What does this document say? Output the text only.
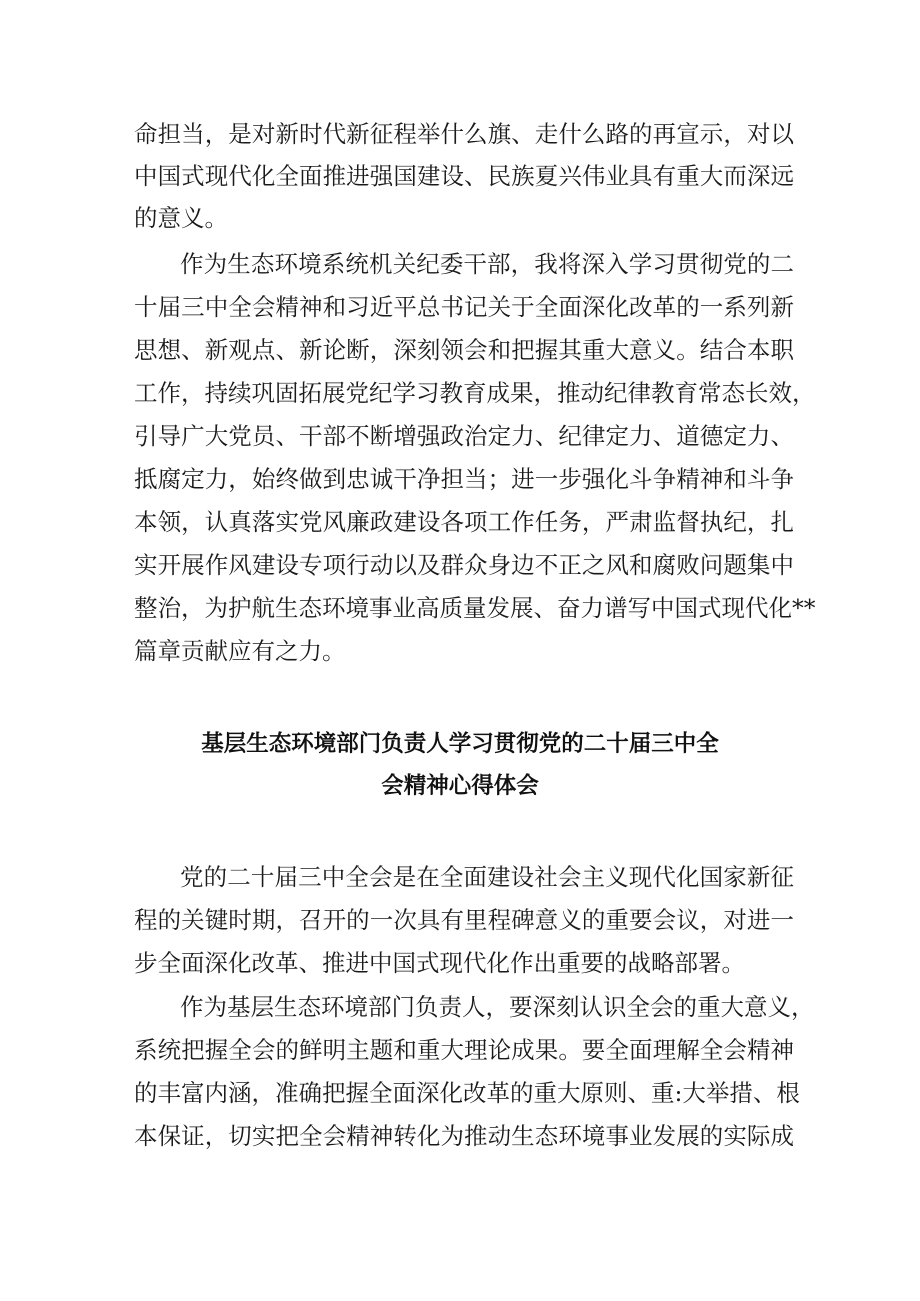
命担当，是对新时代新征程举什么旗、走什么路的再宣示，对以
中国式现代化全面推进强国建设、民族夏兴伟业具有重大而深远
的意义。
作为生态环境系统机关纪委干部，我将深入学习贯彻党的二
十届三中全会精神和习近平总书记关于全面深化改革的一系列新
思想、新观点、新论断，深刻领会和把握其重大意义。结合本职
工作，持续巩固拓展党纪学习教育成果，推动纪律教育常态长效，
引导广大党员、干部不断增强政治定力、纪律定力、道德定力、
抵腐定力，始终做到忠诚干净担当；进一步强化斗争精神和斗争
本领，认真落实党风廉政建设各项工作任务，严肃监督执纪，扎
实开展作风建设专项行动以及群众身边不正之风和腐败问题集中
整治，为护航生态环境事业高质量发展、奋力谱写中国式现代化**
篇章贡献应有之力。
基层生态环境部门负责人学习贯彻党的二十届三中全
会精神心得体会
党的二十届三中全会是在全面建设社会主义现代化国家新征
程的关键时期，召开的一次具有里程碑意义的重要会议，对进一
步全面深化改革、推进中国式现代化作出重要的战略部署。
作为基层生态环境部门负责人，要深刻认识全会的重大意义，
系统把握全会的鲜明主题和重大理论成果。要全面理解全会精神
的丰富内涵，准确把握全面深化改革的重大原则、重:大举措、根
本保证，切实把全会精神转化为推动生态环境事业发展的实际成
